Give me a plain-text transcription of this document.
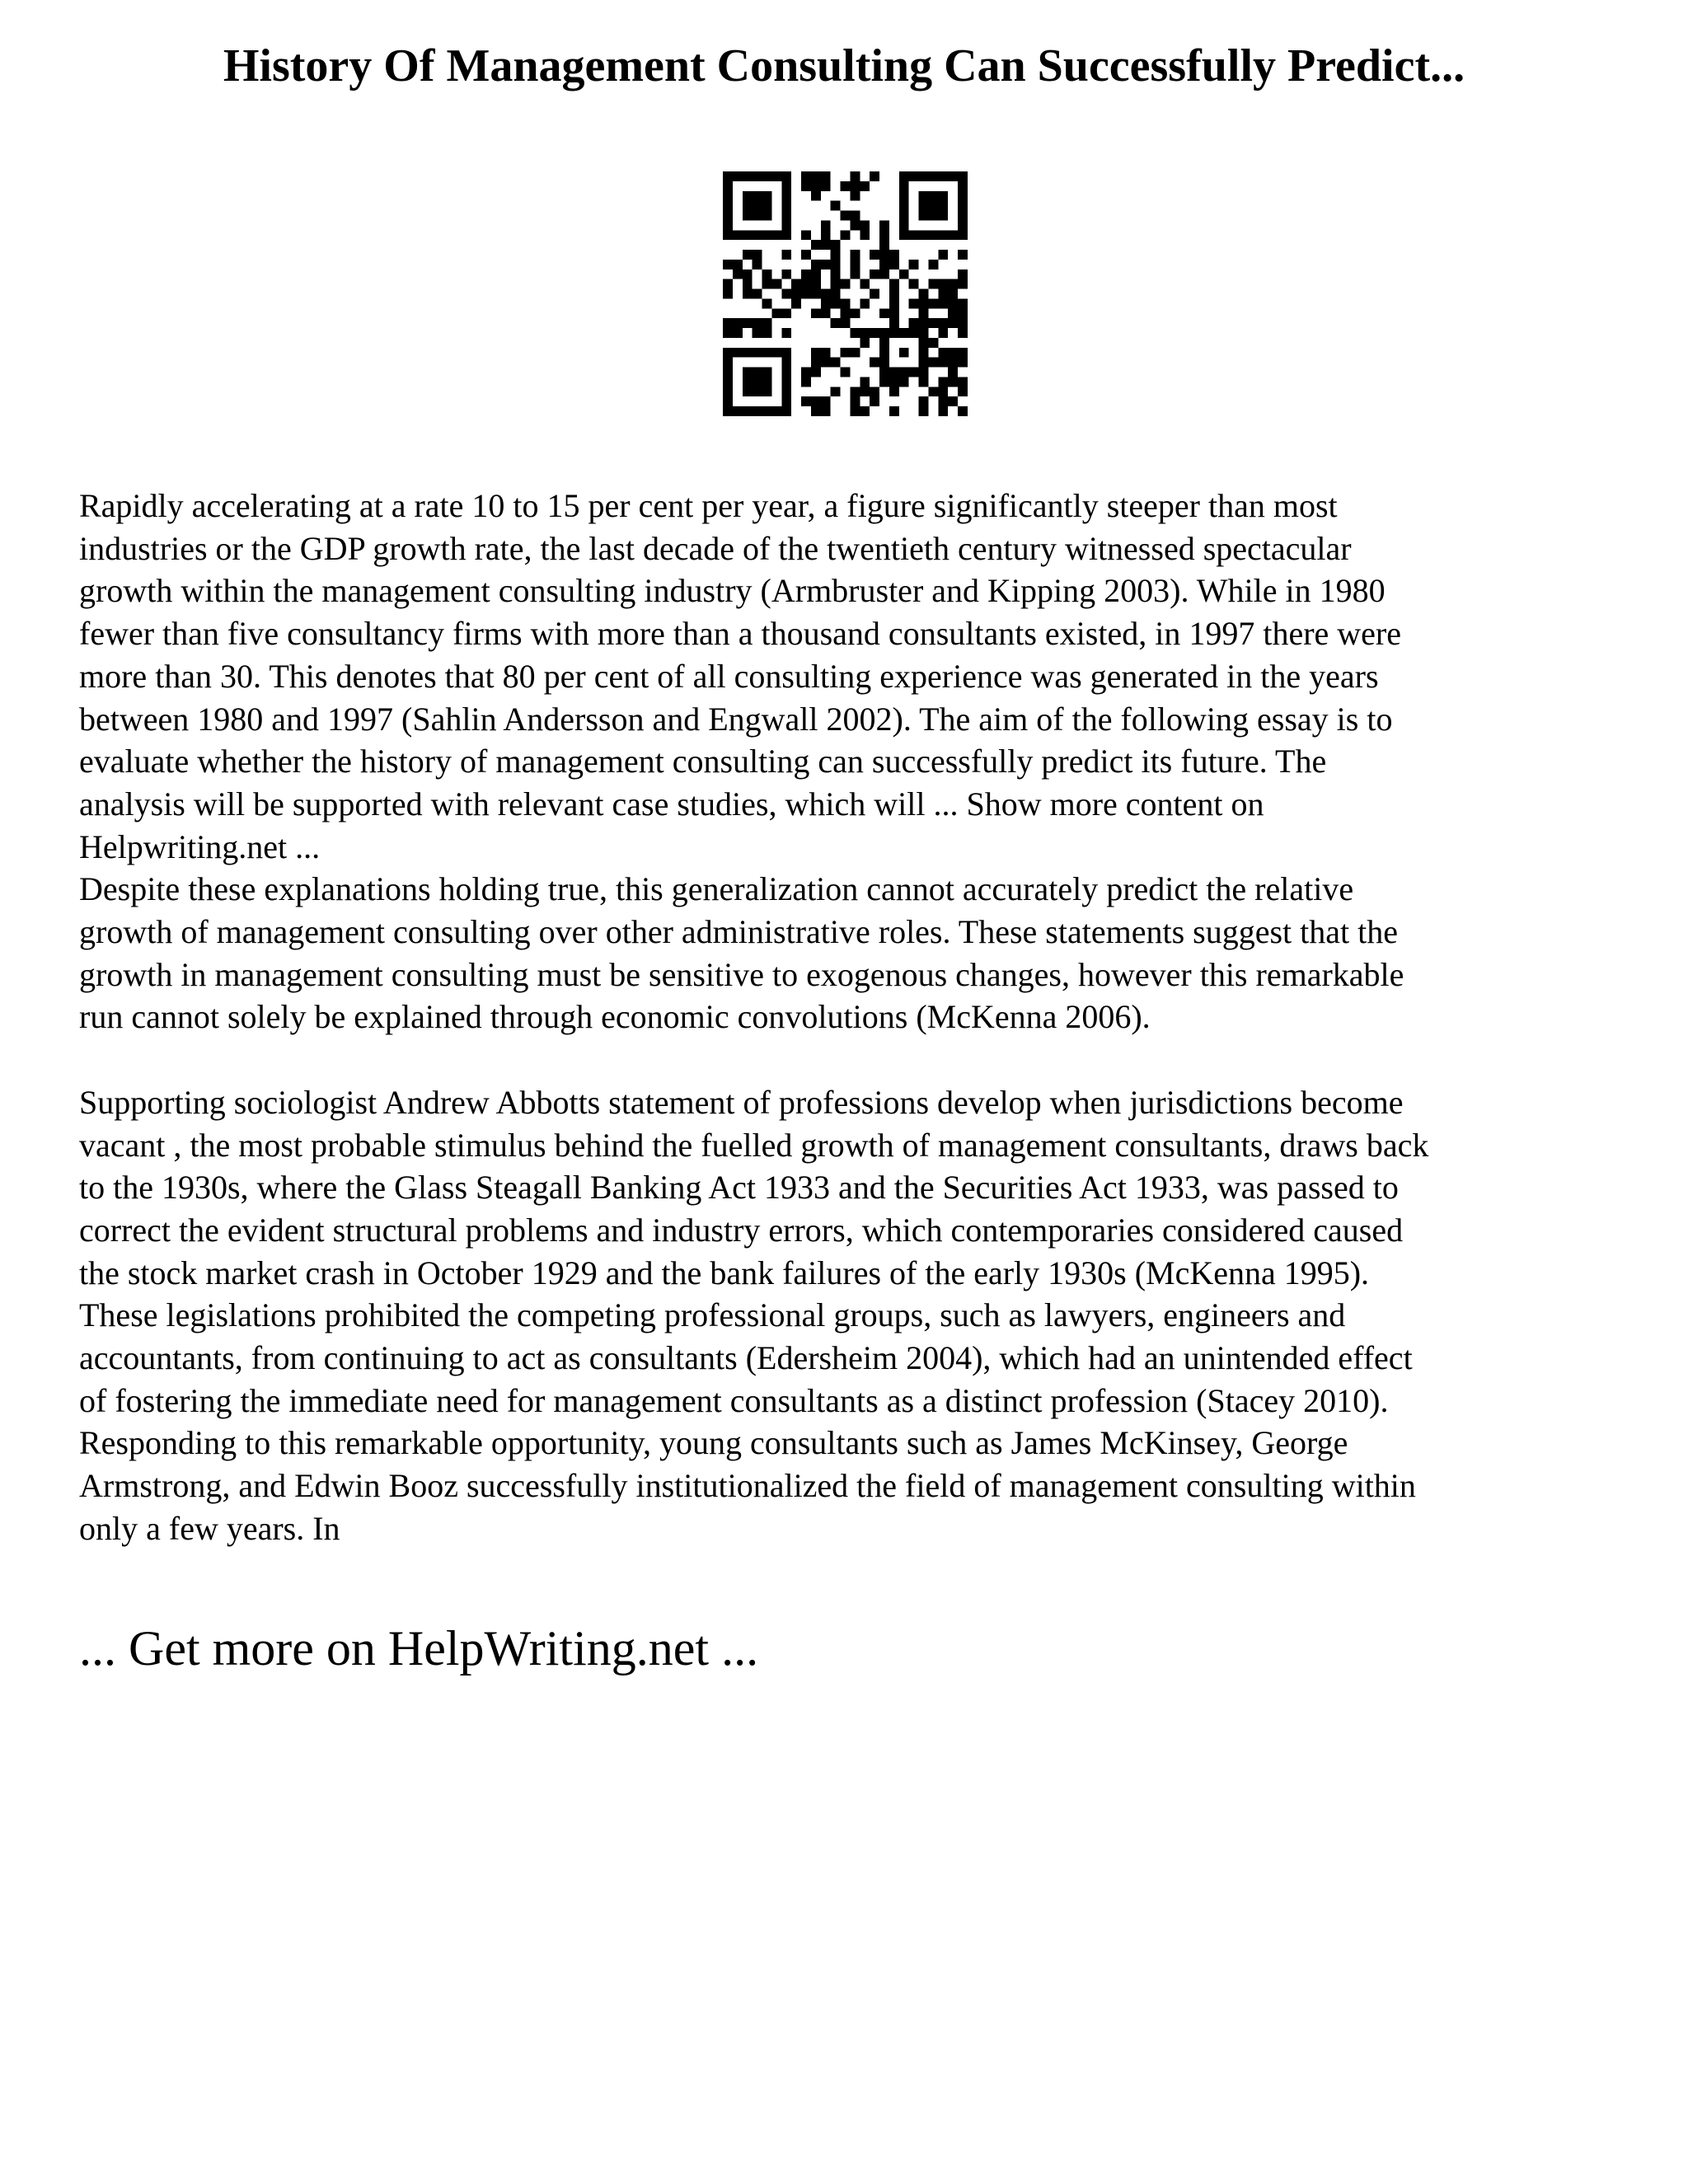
History Of Management Consulting Can Successfully Predict...

Rapidly accelerating at a rate 10 to 15 per cent per year, a figure significantly steeper than most
industries or the GDP growth rate, the last decade of the twentieth century witnessed spectacular
growth within the management consulting industry (Armbruster and Kipping 2003). While in 1980
fewer than five consultancy firms with more than a thousand consultants existed, in 1997 there were
more than 30. This denotes that 80 per cent of all consulting experience was generated in the years
between 1980 and 1997 (Sahlin Andersson and Engwall 2002). The aim of the following essay is to
evaluate whether the history of management consulting can successfully predict its future. The
analysis will be supported with relevant case studies, which will ... Show more content on
Helpwriting.net ...

Despite these explanations holding true, this generalization cannot accurately predict the relative
growth of management consulting over other administrative roles. These statements suggest that the
growth in management consulting must be sensitive to exogenous changes, however this remarkable
run cannot solely be explained through economic convolutions (McKenna 2006).

Supporting sociologist Andrew Abbotts statement of professions develop when jurisdictions become
vacant , the most probable stimulus behind the fuelled growth of management consultants, draws back
to the 1930s, where the Glass Steagall Banking Act 1933 and the Securities Act 1933, was passed to
correct the evident structural problems and industry errors, which contemporaries considered caused
the stock market crash in October 1929 and the bank failures of the early 1930s (McKenna 1995).
These legislations prohibited the competing professional groups, such as lawyers, engineers and
accountants, from continuing to act as consultants (Edersheim 2004), which had an unintended effect
of fostering the immediate need for management consultants as a distinct profession (Stacey 2010).
Responding to this remarkable opportunity, young consultants such as James McKinsey, George
Armstrong, and Edwin Booz successfully institutionalized the field of management consulting within
only a few years. In

... Get more on HelpWriting.net ...
